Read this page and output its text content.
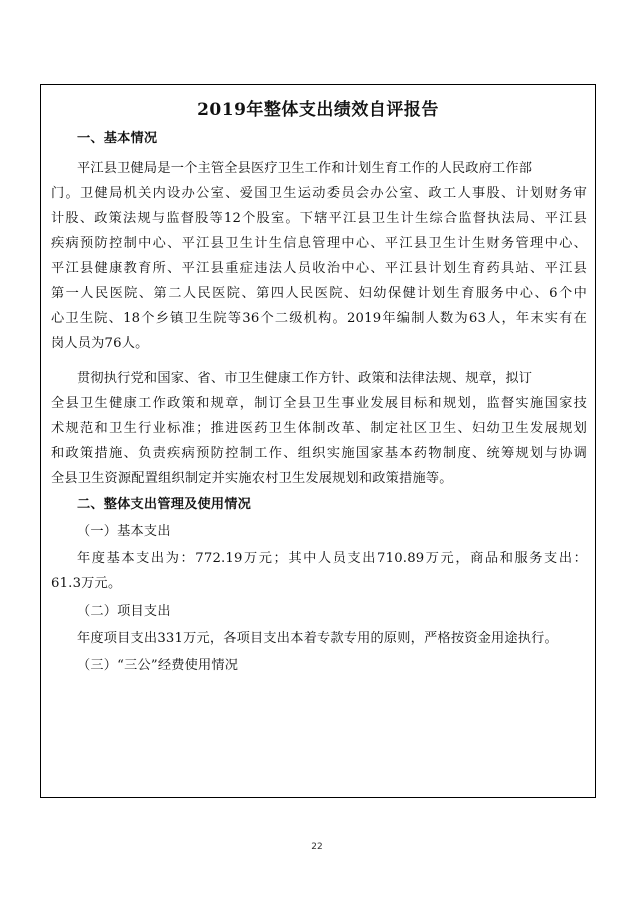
2019年整体支出绩效自评报告
一、基本情况
平江县卫健局是一个主管全县医疗卫生工作和计划生育工作的人民政府工作部
门。卫健局机关内设办公室、爱国卫生运动委员会办公室、政工人事股、计划财务审
计股、政策法规与监督股等12个股室。下辖平江县卫生计生综合监督执法局、平江县
疾病预防控制中心、平江县卫生计生信息管理中心、平江县卫生计生财务管理中心、
平江县健康教育所、平江县重症违法人员收治中心、平江县计划生育药具站、平江县
第一人民医院、第二人民医院、第四人民医院、妇幼保健计划生育服务中心、6个中
心卫生院、18个乡镇卫生院等36个二级机构。2019年编制人数为63人，年末实有在
岗人员为76人。
贯彻执行党和国家、省、市卫生健康工作方针、政策和法律法规、规章，拟订
全县卫生健康工作政策和规章，制订全县卫生事业发展目标和规划，监督实施国家技
术规范和卫生行业标准；推进医药卫生体制改革、制定社区卫生、妇幼卫生发展规划
和政策措施、负责疾病预防控制工作、组织实施国家基本药物制度、统筹规划与协调
全县卫生资源配置组织制定并实施农村卫生发展规划和政策措施等。
二、整体支出管理及使用情况
（一）基本支出
年度基本支出为：772.19万元；其中人员支出710.89万元，商品和服务支出：
61.3万元。
（二）项目支出
年度项目支出331万元，各项目支出本着专款专用的原则，严格按资金用途执行。
（三）“三公”经费使用情况
22
